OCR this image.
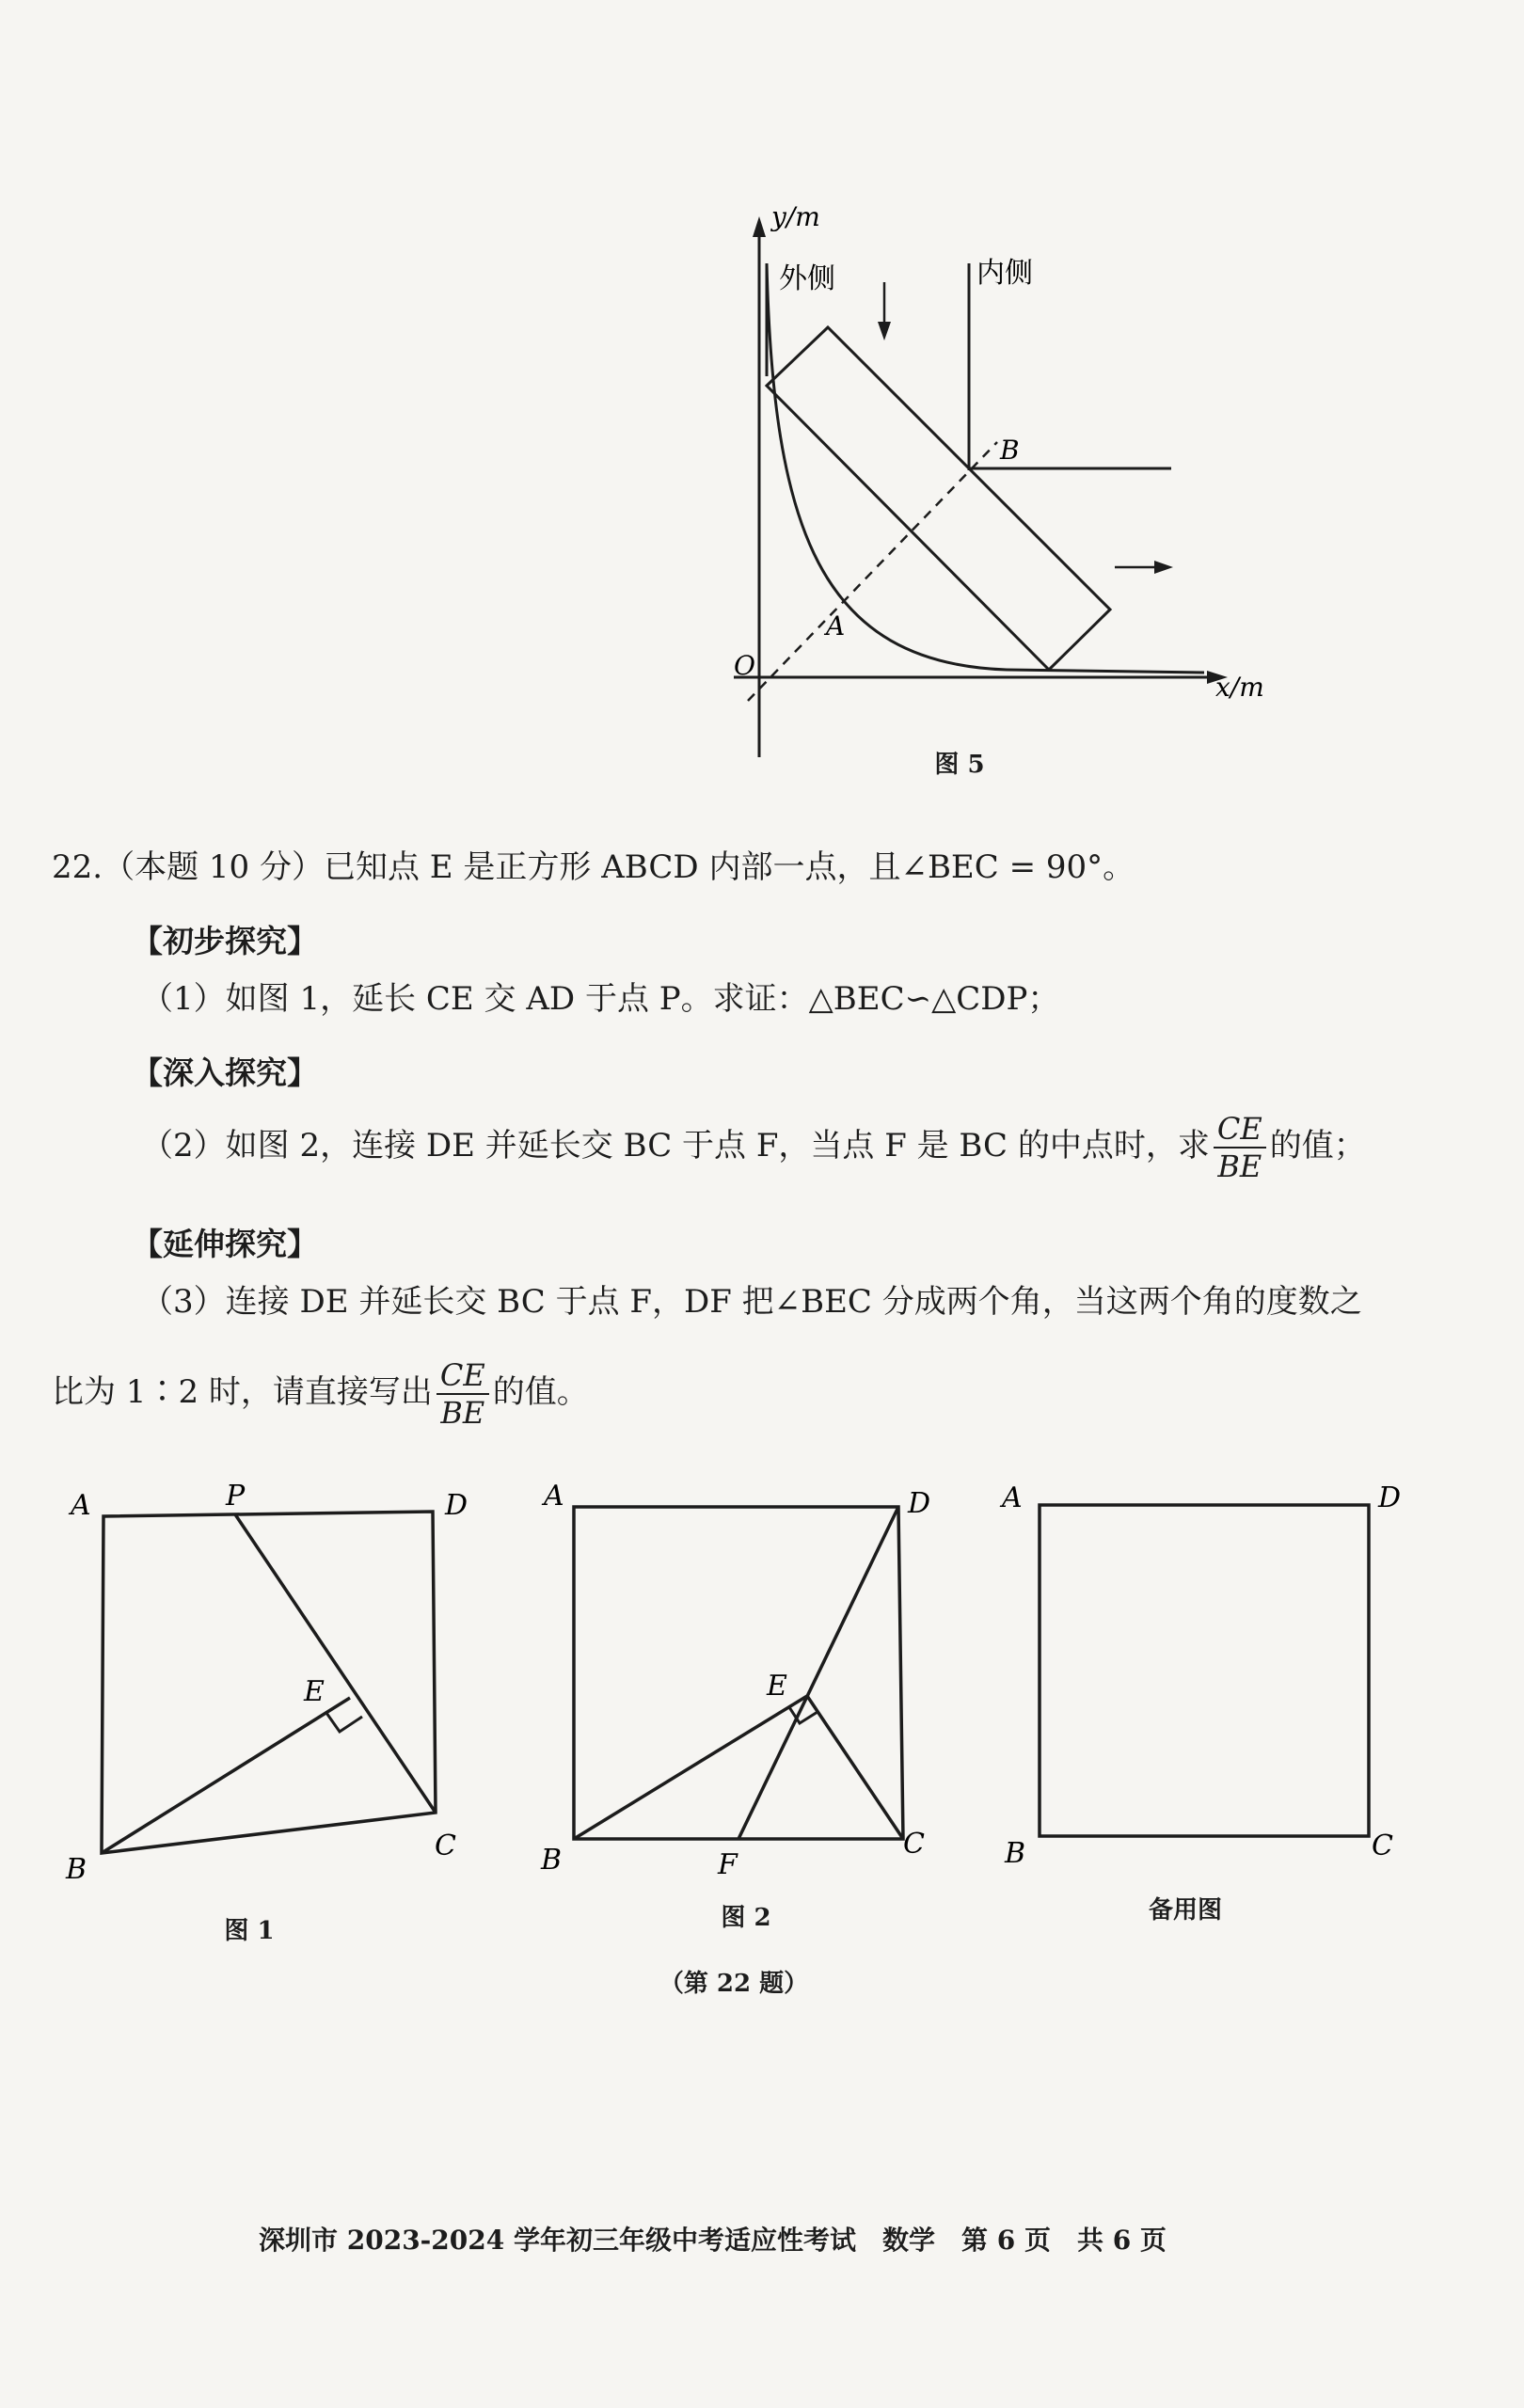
y/m
x/m
O
外侧	内侧
A
B
图 5
22.（本题 10 分）已知点 E 是正方形 ABCD 内部一点，且∠BEC = 90°。
【初步探究】
（1）如图 1，延长 CE 交 AD 于点 P。求证：△BEC∽△CDP；
【深入探究】
（2）如图 2，连接 DE 并延长交 BC 于点 F，当点 F 是 BC 的中点时，求 $\frac{CE}{BE}$ 的值；
【延伸探究】
（3）连接 DE 并延长交 BC 于点 F，DF 把∠BEC 分成两个角，当这两个角的度数之
比为 1∶2 时，请直接写出 $\frac{CE}{BE}$ 的值。
A	P	D
E
B
C
图 1
A	D
E
B	F
C
图 2
A	D
B	C
备用图
（第 22 题）
深圳市 2023-2024 学年初三年级中考适应性考试　数学　第 6 页　共 6 页
